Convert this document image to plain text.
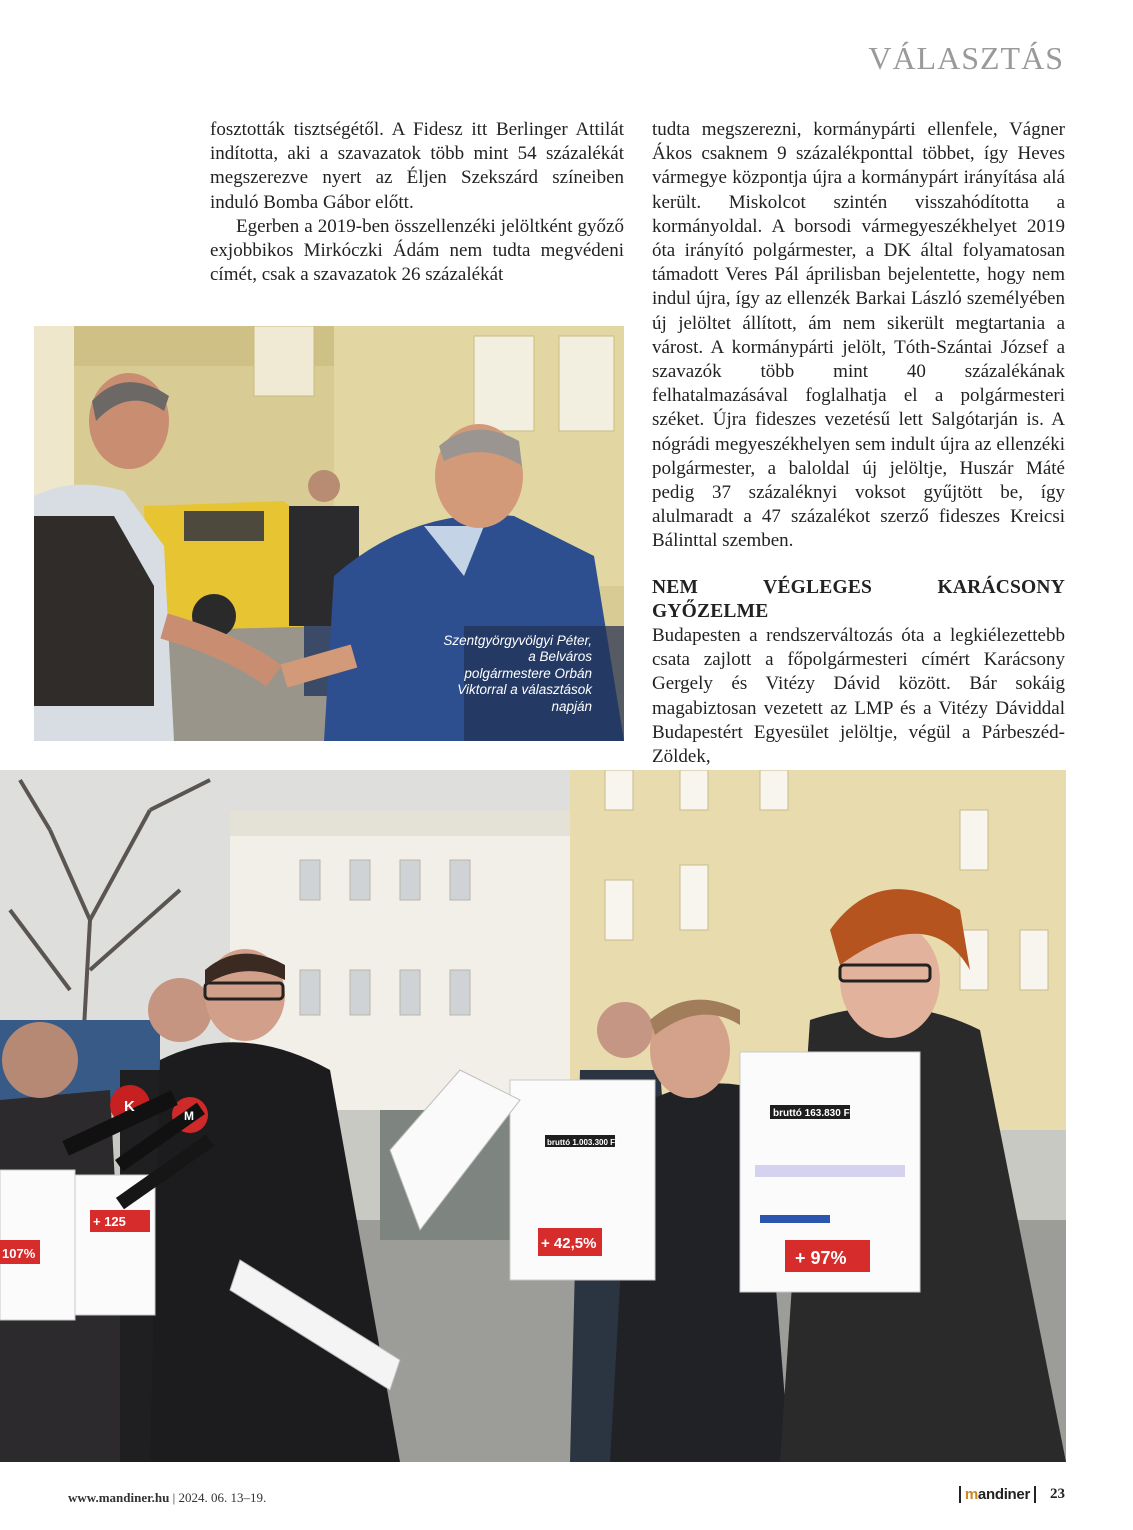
VÁLASZTÁS

fosztották tisztségétől. A Fidesz itt Berlinger Attilát indította, aki a szavazatok több mint 54 százalékát megszerezve nyert az Éljen Szekszárd színeiben induló Bomba Gábor előtt.

Egerben a 2019-ben összellenzéki jelöltként győző exjobbikos Mirkóczki Ádám nem tudta megvédeni címét, csak a szavazatok 26 százalékát

tudta megszerezni, kormánypárti ellenfele, Vágner Ákos csaknem 9 százalékponttal többet, így Heves vármegye központja újra a kormánypárt irányítása alá került. Miskolcot szintén visszahódította a kormányoldal. A borsodi vármegyeszékhelyet 2019 óta irányító polgármester, a DK által folyamatosan támadott Veres Pál áprilisban bejelentette, hogy nem indul újra, így az ellenzék Barkai László személyében új jelöltet állított, ám nem sikerült megtartania a várost. A kormánypárti jelölt, Tóth-Szántai József a szavazók több mint 40 százalékának felhatalmazásával foglalhatja el a polgármesteri széket. Újra fideszes vezetésű lett Salgótarján is. A nógrádi megyeszékhelyen sem indult újra az ellenzéki polgármester, a baloldal új jelöltje, Huszár Máté pedig 37 százaléknyi voksot gyűjtött be, így alulmaradt a 47 százalékot szerző fideszes Kreicsi Bálinttal szemben.

NEM VÉGLEGES KARÁCSONY GYŐZELME

Budapesten a rendszerváltozás óta a legkiélezettebb csata zajlott a főpolgármesteri címért Karácsony Gergely és Vitézy Dávid között. Bár sokáig magabiztosan vezetett az LMP és a Vitézy Dáviddal Budapestért Egyesület jelöltje, végül a Párbeszéd-Zöldek,

Szentgyörgyvölgyi Péter, a Belváros polgármestere Orbán Viktorral a választások napján
K
M	bruttó 163.830 Ft
+ 97%
bruttó 1.003.300 Ft
+ 42,5%
+ 125
107%
www.mandiner.hu | 2024. 06. 13–19.	mandiner	23
